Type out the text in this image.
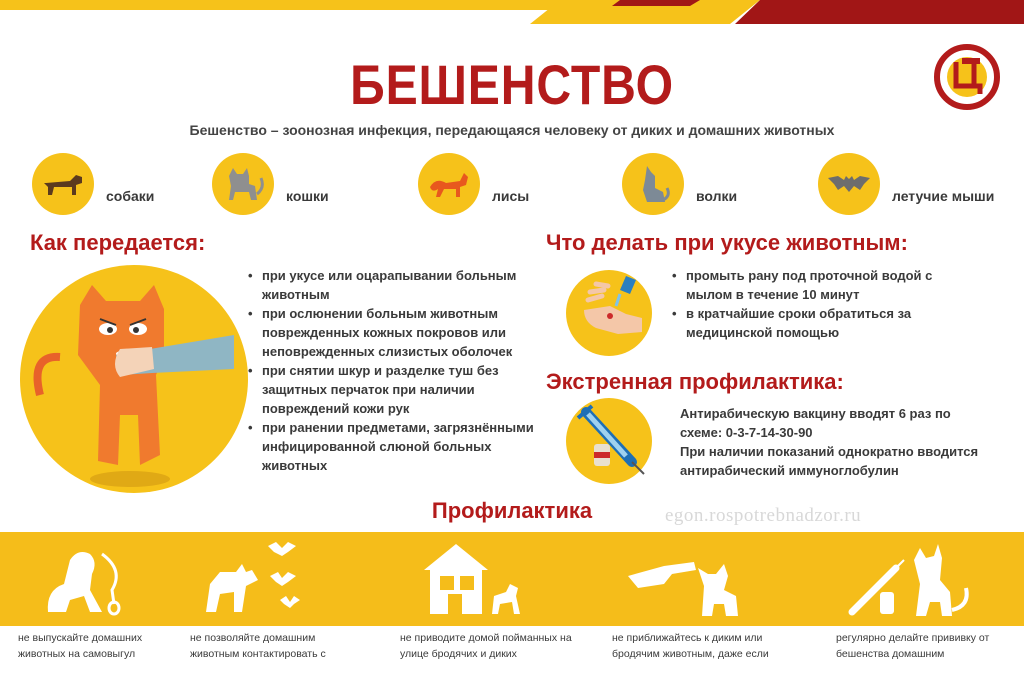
БЕШЕНСТВО
Бешенство – зоонозная инфекция, передающаяся человеку от диких и домашних животных
собаки	кошки	лисы	волки	летучие мыши
Как передается:
• при укусе или оцарапывании больным животным
• при ослюнении больным животным поврежденных кожных покровов или неповрежденных слизистых оболочек
• при снятии шкур и разделке туш без защитных перчаток при наличии повреждений кожи рук
• при ранении предметами, загрязнёнными инфицированной слюной больных животных
Что делать при укусе животным:
• промыть рану под проточной водой с мылом в течение 10 минут
• в кратчайшие сроки обратиться за медицинской помощью
Экстренная профилактика:
Антирабическую вакцину вводят 6 раз по схеме: 0-3-7-14-30-90
При наличии показаний однократно вводится антирабический иммуноглобулин
Профилактика	egon.rospotrebnadzor.ru
не выпускайте домашних животных на самовыгул
не позволяйте домашним животным контактировать с
не приводите домой пойманных на улице бродячих и диких
не приближайтесь к диким или бродячим животным, даже если
регулярно делайте прививку от бешенства домашним
